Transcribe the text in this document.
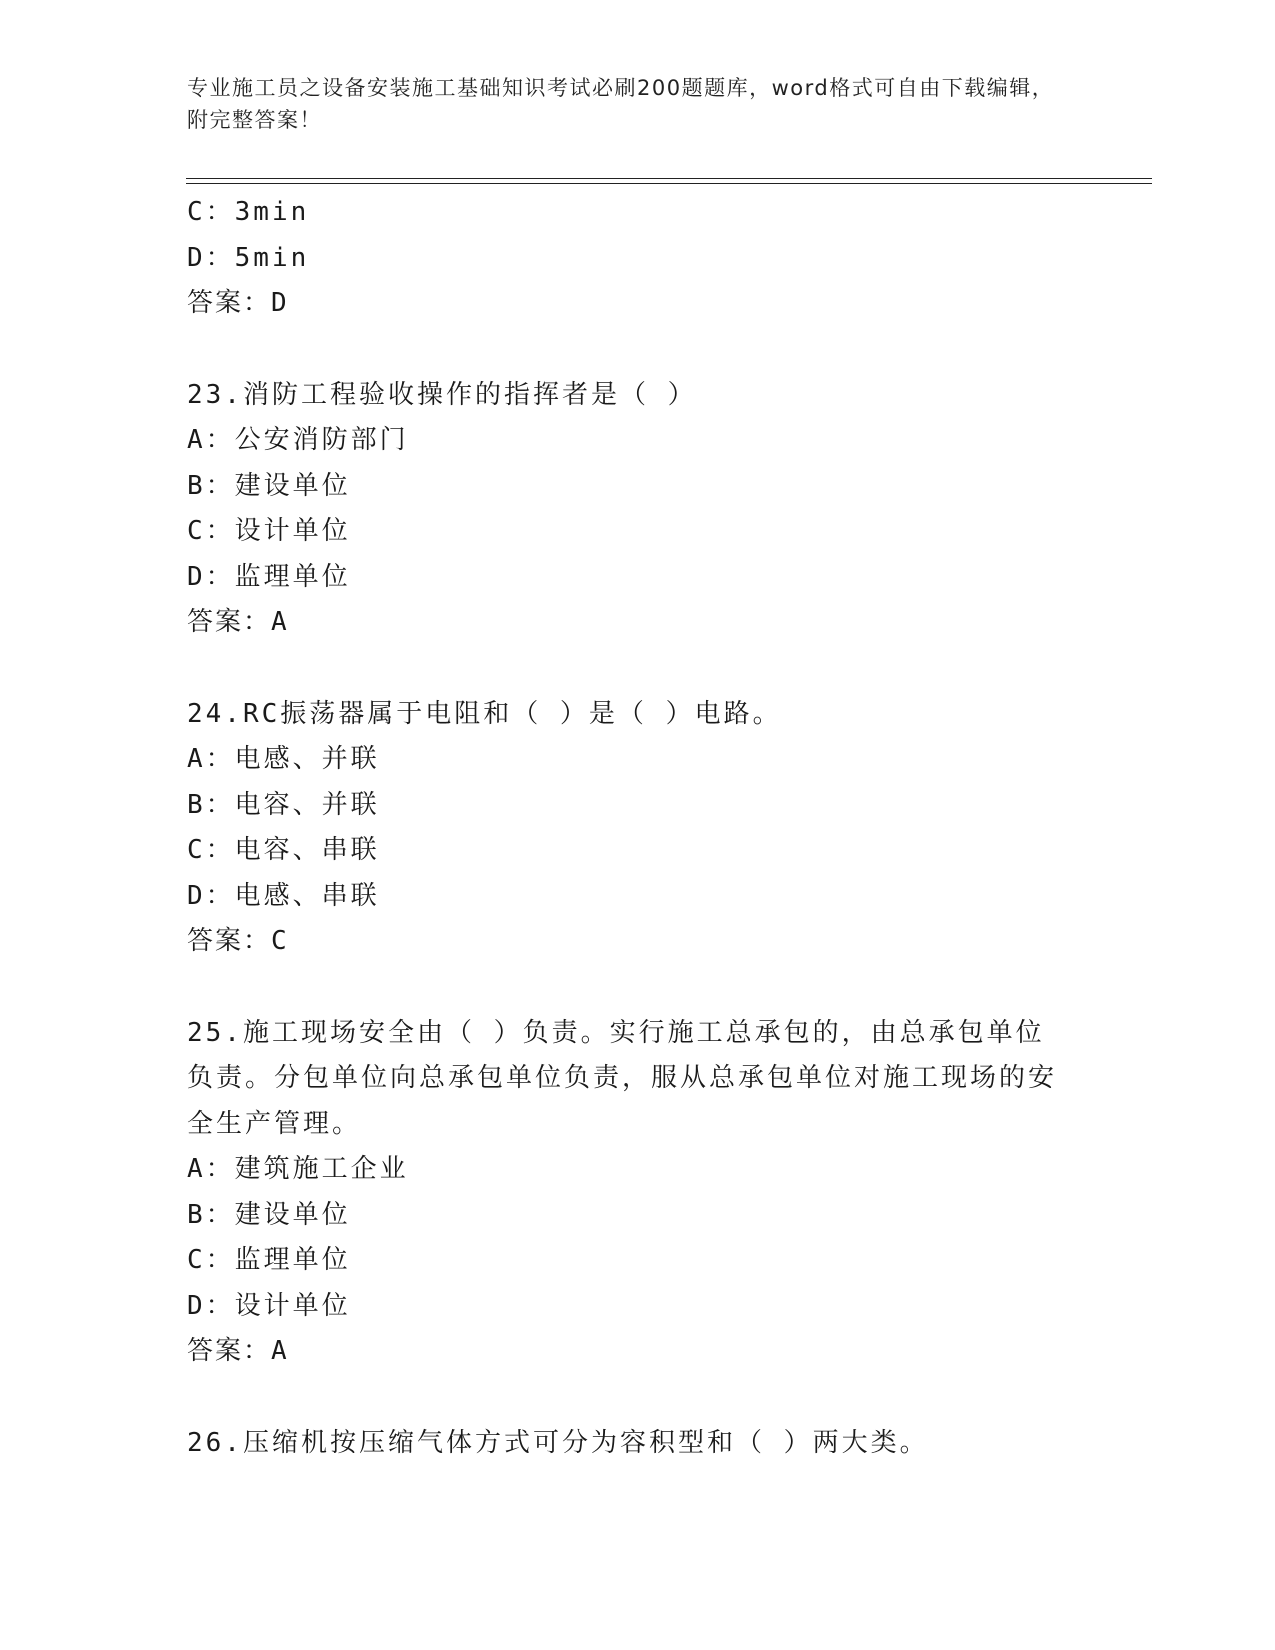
专业施工员之设备安装施工基础知识考试必刷200题题库，word格式可自由下载编辑，附完整答案！
C：3min
D：5min
答案：D
23.消防工程验收操作的指挥者是（ ）
A：公安消防部门
B：建设单位
C：设计单位
D：监理单位
答案：A
24.RC振荡器属于电阻和（ ）是（ ）电路。
A：电感、并联
B：电容、并联
C：电容、串联
D：电感、串联
答案：C
25.施工现场安全由（ ）负责。实行施工总承包的，由总承包单位负责。分包单位向总承包单位负责，服从总承包单位对施工现场的安全生产管理。
A：建筑施工企业
B：建设单位
C：监理单位
D：设计单位
答案：A
26.压缩机按压缩气体方式可分为容积型和（ ）两大类。
